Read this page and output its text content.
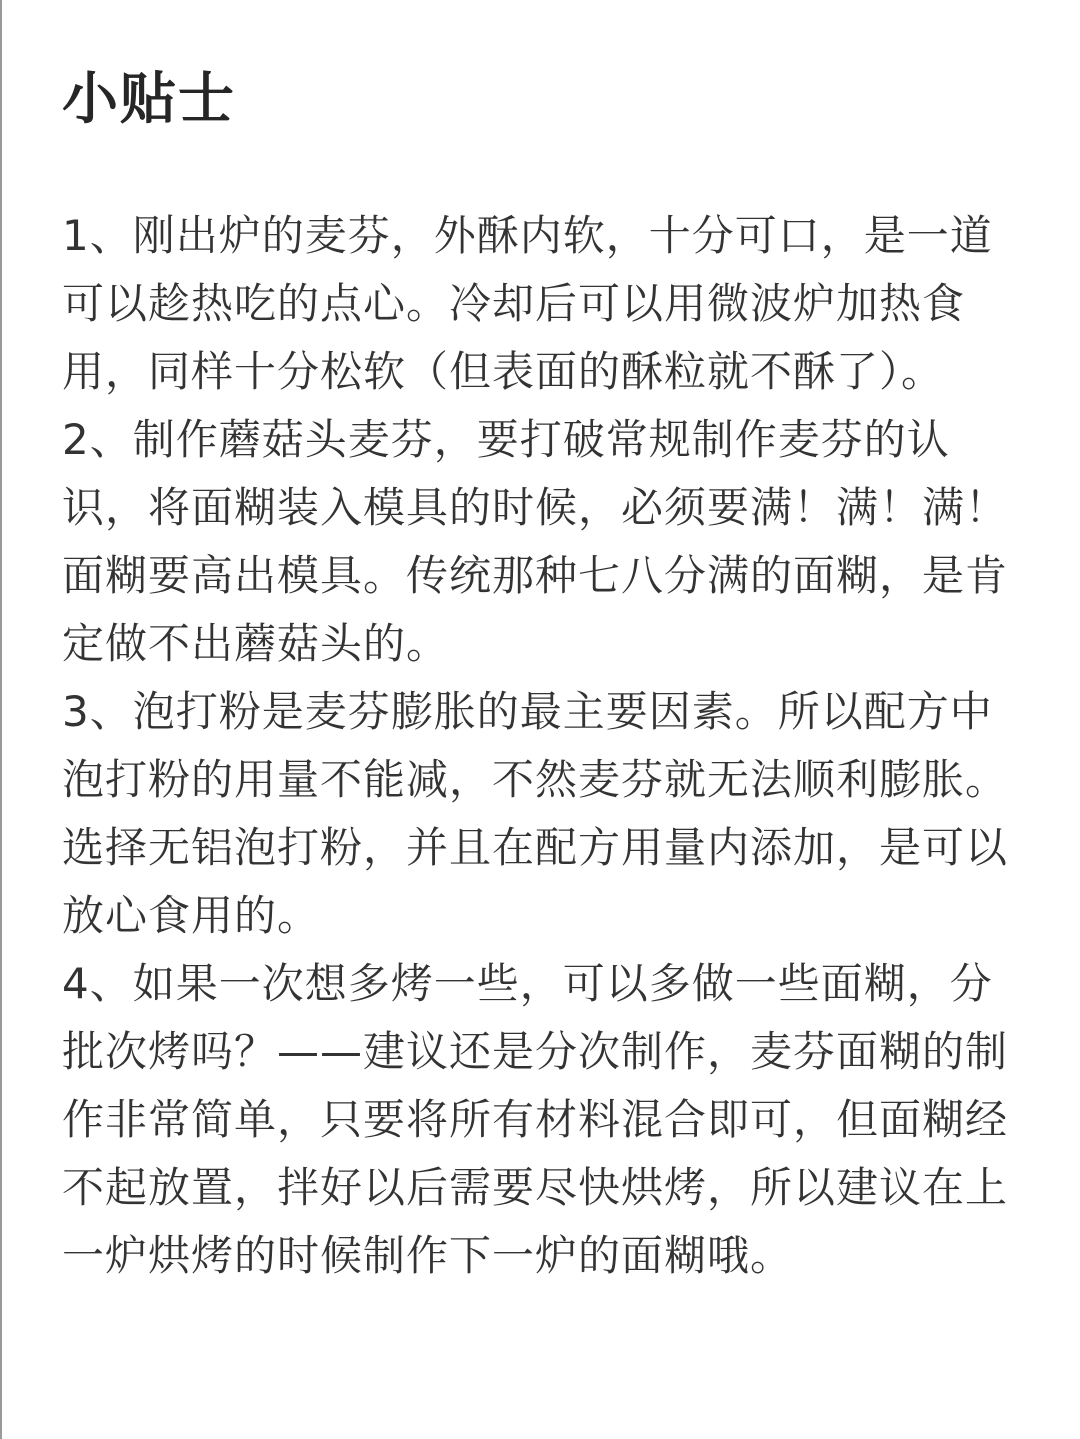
小贴士

1、刚出炉的麦芬，外酥内软，十分可口，是一道可以趁热吃的点心。冷却后可以用微波炉加热食用，同样十分松软（但表面的酥粒就不酥了）。

2、制作蘑菇头麦芬，要打破常规制作麦芬的认识，将面糊装入模具的时候，必须要满！满！满！面糊要高出模具。传统那种七八分满的面糊，是肯定做不出蘑菇头的。

3、泡打粉是麦芬膨胀的最主要因素。所以配方中泡打粉的用量不能减，不然麦芬就无法顺利膨胀。选择无铝泡打粉，并且在配方用量内添加，是可以放心食用的。

4、如果一次想多烤一些，可以多做一些面糊，分批次烤吗？——建议还是分次制作，麦芬面糊的制作非常简单，只要将所有材料混合即可，但面糊经不起放置，拌好以后需要尽快烘烤，所以建议在上一炉烘烤的时候制作下一炉的面糊哦。
